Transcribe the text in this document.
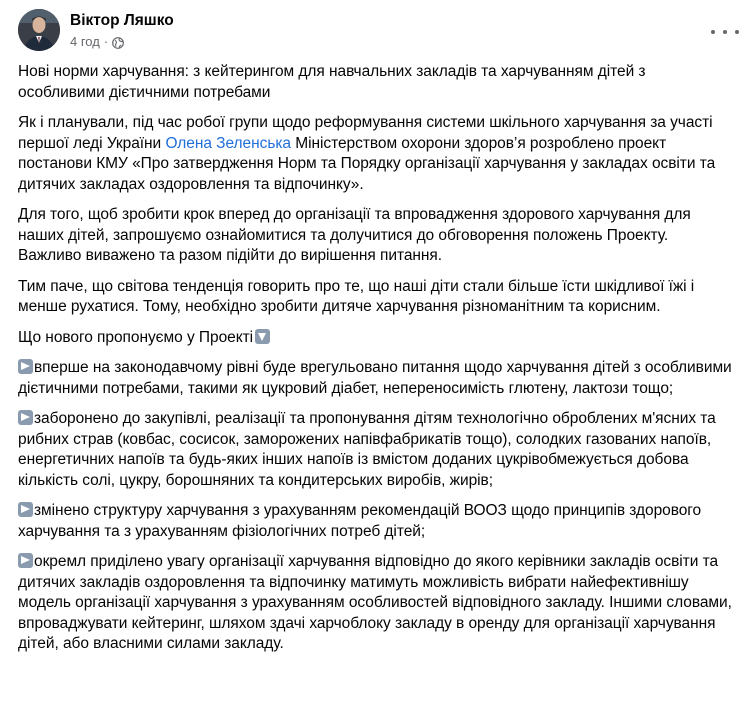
Віктор Ляшко
4 год ·

Нові норми харчування: з кейтерингом для навчальних закладів та харчуванням дітей з особливими дієтичними потребами

Як і планували, під час робої групи щодо реформування системи шкільного харчування за участі першої леді України Олена Зеленська Міністерством охорони здоров’я розроблено проект постанови КМУ «Про затвердження Норм та Порядку організації харчування у закладах освіти та дитячих закладах оздоровлення та відпочинку».

Для того, щоб зробити крок вперед до організації та впровадження здорового харчування для наших дітей, запрошуємо ознайомитися та долучитися до обговорення положень Проекту. Важливо виважено та разом підійти до вирішення питання.

Тим паче, що світова тенденція говорить про те, що наші діти стали більше їсти шкідливої їжі і менше рухатися. Тому, необхідно зробити дитяче харчування різноманітним та корисним.

Що нового пропонуємо у Проекті

вперше на законодавчому рівні буде врегульовано питання щодо харчування дітей з особливими дієтичними потребами, такими як цукровий діабет, непереносимість глютену, лактози тощо;

заборонено до закупівлі, реалізації та пропонування дітям технологічно оброблених м'ясних та рибних страв (ковбас, сосисок, заморожених напівфабрикатів тощо), солодких газованих напоїв, енергетичних напоїв та будь-яких інших напоїв із вмістом доданих цукрівобмежується добова кількість солі, цукру, борошняних та кондитерських виробів, жирів;

змінено структуру харчування з урахуванням рекомендацій ВООЗ щодо принципів здорового харчування та з урахуванням фізіологічних потреб дітей;

окремл приділено увагу організації харчування відповідно до якого керівники закладів освіти та дитячих закладів оздоровлення та відпочинку матимуть можливість вибрати найефективнішу модель організації харчування з урахуванням особливостей відповідного закладу. Іншими словами, впроваджувати кейтеринг, шляхом здачі харчоблоку закладу в оренду для організації харчування дітей, або власними силами закладу.
